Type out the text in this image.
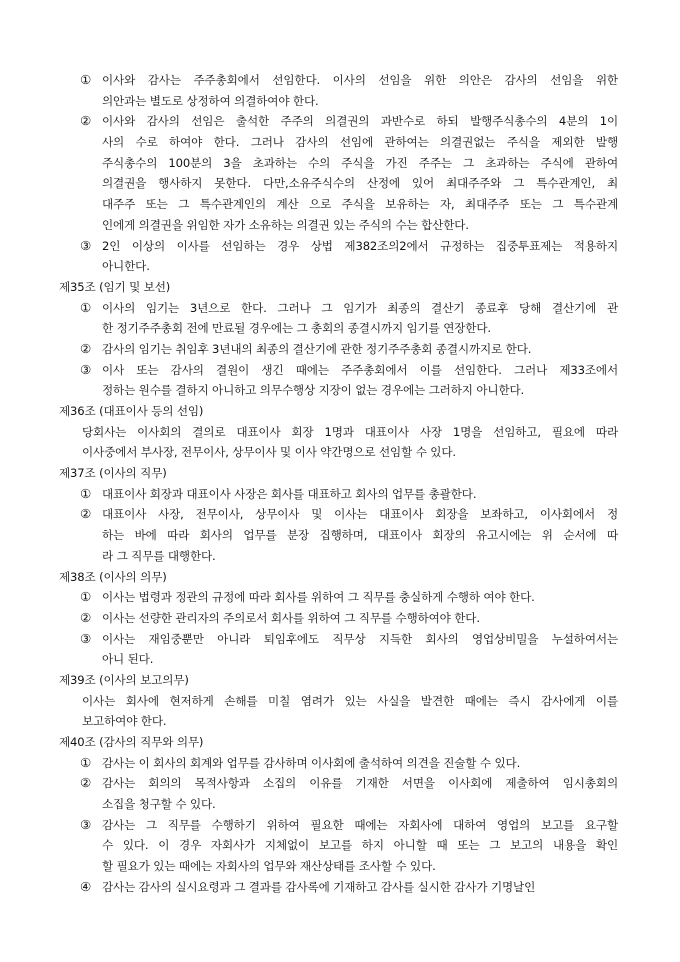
① 이사와 감사는 주주총회에서 선임한다. 이사의 선임을 위한 의안은 감사의 선임을 위한
의안과는 별도로 상정하여 의결하여야 한다.
② 이사와 감사의 선임은 출석한 주주의 의결권의 과반수로 하되 발행주식총수의 4분의 1이
사의 수로 하여야 한다. 그러나 감사의 선임에 관하여는 의결권없는 주식을 제외한 발행
주식총수의 100분의 3을 초과하는 수의 주식을 가진 주주는 그 초과하는 주식에 관하여
의결권을 행사하지 못한다. 다만,소유주식수의 산정에 있어 최대주주와 그 특수관계인, 최
대주주 또는 그 특수관계인의 계산 으로 주식을 보유하는 자, 최대주주 또는 그 특수관계
인에게 의결권을 위임한 자가 소유하는 의결권 있는 주식의 수는 합산한다.
③ 2인 이상의 이사를 선임하는 경우 상법 제382조의2에서 규정하는 집중투표제는 적용하지
아니한다.
제35조 (임기 및 보선)
① 이사의 임기는 3년으로 한다. 그러나 그 임기가 최종의 결산기 종료후 당해 결산기에 관
한 정기주주총회 전에 만료될 경우에는 그 총회의 종결시까지 임기를 연장한다.
② 감사의 임기는 취임후 3년내의 최종의 결산기에 관한 정기주주총회 종결시까지로 한다.
③ 이사 또는 감사의 결원이 생긴 때에는 주주총회에서 이를 선임한다. 그러나 제33조에서
정하는 원수를 결하지 아니하고 의무수행상 지장이 없는 경우에는 그러하지 아니한다.
제36조 (대표이사 등의 선임)
당회사는 이사회의 결의로 대표이사 회장 1명과 대표이사 사장 1명을 선임하고, 필요에 따라
이사중에서 부사장, 전무이사, 상무이사 및 이사 약간명으로 선임할 수 있다.
제37조 (이사의 직무)
① 대표이사 회장과 대표이사 사장은 회사를 대표하고 회사의 업무를 총괄한다.
② 대표이사 사장, 전무이사, 상무이사 및 이사는 대표이사 회장을 보좌하고, 이사회에서 정
하는 바에 따라 회사의 업무를 분장 집행하며, 대표이사 회장의 유고시에는 위 순서에 따
라 그 직무를 대행한다.
제38조 (이사의 의무)
① 이사는 법령과 정관의 규정에 따라 회사를 위하여 그 직무를 충실하게 수행하 여야 한다.
② 이사는 선량한 관리자의 주의로서 회사를 위하여 그 직무를 수행하여야 한다.
③ 이사는 재임중뿐만 아니라 퇴임후에도 직무상 지득한 회사의 영업상비밀을 누설하여서는
아니 된다.
제39조 (이사의 보고의무)
이사는 회사에 현저하게 손해를 미칠 염려가 있는 사실을 발견한 때에는 즉시 감사에게 이를
보고하여야 한다.
제40조 (감사의 직무와 의무)
① 감사는 이 회사의 회계와 업무를 감사하며 이사회에 출석하여 의견을 진술할 수 있다.
② 감사는 회의의 목적사항과 소집의 이유를 기재한 서면을 이사회에 제출하여 임시총회의
소집을 청구할 수 있다.
③ 감사는 그 직무를 수행하기 위하여 필요한 때에는 자회사에 대하여 영업의 보고를 요구할
수 있다. 이 경우 자회사가 지체없이 보고를 하지 아니할 때 또는 그 보고의 내용을 확인
할 필요가 있는 때에는 자회사의 업무와 재산상태를 조사할 수 있다.
④ 감사는 감사의 실시요령과 그 결과를 감사록에 기재하고 감사를 실시한 감사가 기명날인
